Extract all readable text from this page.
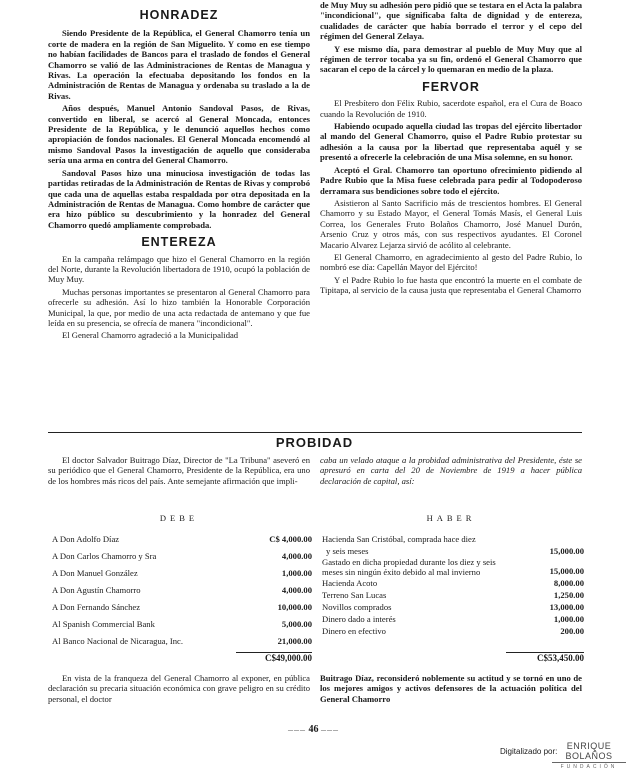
HONRADEZ

Siendo Presidente de la República, el General Chamorro tenía un corte de madera en la región de San Miguelito. Y como en ese tiempo no habían facilidades de Bancos para el traslado de fondos el General Chamorro se valió de las Administraciones de Rentas de Managua y Rivas. La operación la efectuaba depositando los fondos en la Administración de Rentas de Managua y ordenaba su traslado a la de Rivas.

Años después, Manuel Antonio Sandoval Pasos, de Rivas, convertido en liberal, se acercó al General Moncada, entonces Presidente de la República, y le denunció aquellos hechos como apropiación de fondos nacionales. El General Moncada encomendó al mismo Sandoval Pasos la investigación de aquello que consideraba sería una arma en contra del General Chamorro.

Sandoval Pasos hizo una minuciosa investigación de todas las partidas retiradas de la Administración de Rentas de Rivas y comprobó que cada una de aquellas estaba respaldada por otra depositada en la Administración de Rentas de Managua. Como hombre de carácter que era hizo público su descubrimiento y la honradez del General Chamorro quedó ampliamente comprobada.

ENTEREZA

En la campaña relámpago que hizo el General Chamorro en la región del Norte, durante la Revolución libertadora de 1910, ocupó la población de Muy Muy.

Muchas personas importantes se presentaron al General Chamorro para ofrecerle su adhesión. Así lo hizo también la Honorable Corporación Municipal, la que, por medio de una acta redactada de antemano y que fue leída en su presencia, se ofrecía de manera "incondicional".

El General Chamorro agradeció a la Municipalidad

de Muy Muy su adhesión pero pidió que se testara en el Acta la palabra "incondicional", que significaba falta de dignidad y de entereza, cualidades de carácter que había borrado el terror y el cepo del régimen del General Zelaya.

Y ese mismo día, para demostrar al pueblo de Muy Muy que al régimen de terror tocaba ya su fin, ordenó el General Chamorro que sacaran el cepo de la cárcel y lo quemaran en medio de la plaza.

FERVOR

El Presbítero don Félix Rubio, sacerdote español, era el Cura de Boaco cuando la Revolución de 1910.

Habiendo ocupado aquella ciudad las tropas del ejército libertador al mando del General Chamorro, quiso el Padre Rubio protestar su adhesión a la causa por la libertad que representaba aquél y se presentó a ofrecerle la celebración de una Misa solemne, en su honor.

Aceptó el Gral. Chamorro tan oportuno ofrecimiento pidiendo al Padre Rubio que la Misa fuese celebrada para pedir al Todopoderoso derramara sus bendiciones sobre todo el ejército.

Asistieron al Santo Sacrificio más de trescientos hombres. El General Chamorro y su Estado Mayor, el General Tomás Masís, el General Luis Correa, los Generales Fruto Bolaños Chamorro, José Manuel Durón, Arsenio Cruz y otros más, con sus respectivos ayudantes. El Coronel Macario Alvarez Lejarza sirvió de acólito al celebrante.

El General Chamorro, en agradecimiento al gesto del Padre Rubio, lo nombró ese día: Capellán Mayor del Ejército!

Y el Padre Rubio lo fue hasta que encontró la muerte en el combate de Tipitapa, al servicio de la causa justa que representaba el General Chamorro

PROBIDAD

El doctor Salvador Buitrago Díaz, Director de "La Tribuna" aseveró en su periódico que el General Chamorro, Presidente de la República, era uno de los hombres más ricos del país. Ante semejante afirmación que impli-

caba un velado ataque a la probidad administrativa del Presidente, éste se apresuró en carta del 20 de Noviembre de 1919 a hacer pública declaración de capital, así:

DEBE	HABER
A Don Adolfo Díaz	C$ 4,000.00
A Don Carlos Chamorro y Sra	4,000.00
A Don Manuel González	1,000.00
A Don Agustín Chamorro	4,000.00
A Don Fernando Sánchez	10,000.00
Al Spanish Commercial Bank	5,000.00
Al Banco Nacional de Nicaragua, Inc.	21,000.00
C$49,000.00
Hacienda San Cristóbal, comprada hace diez
y seis meses	15,000.00
Gastado en dicha propiedad durante los diez y seis meses sin ningún éxito debido al mal invierno	15,000.00
Hacienda Acoto	8,000.00
Terreno San Lucas	1,250.00
Novillos comprados	13,000.00
Dinero dado a interés	1,000.00
Dinero en efectivo	200.00
C$53,450.00

En vista de la franqueza del General Chamorro al exponer, en pública declaración su precaria situación económica con grave peligro en su crédito personal, el doctor

Buitrago Díaz, reconsideró noblemente su actitud y se tornó en uno de los mejores amigos y activos defensores de la actuación política del General Chamorro

——— 46 ———
Digitalizado por:
ENRIQUE BOLAÑOS
FUNDACIÓN
